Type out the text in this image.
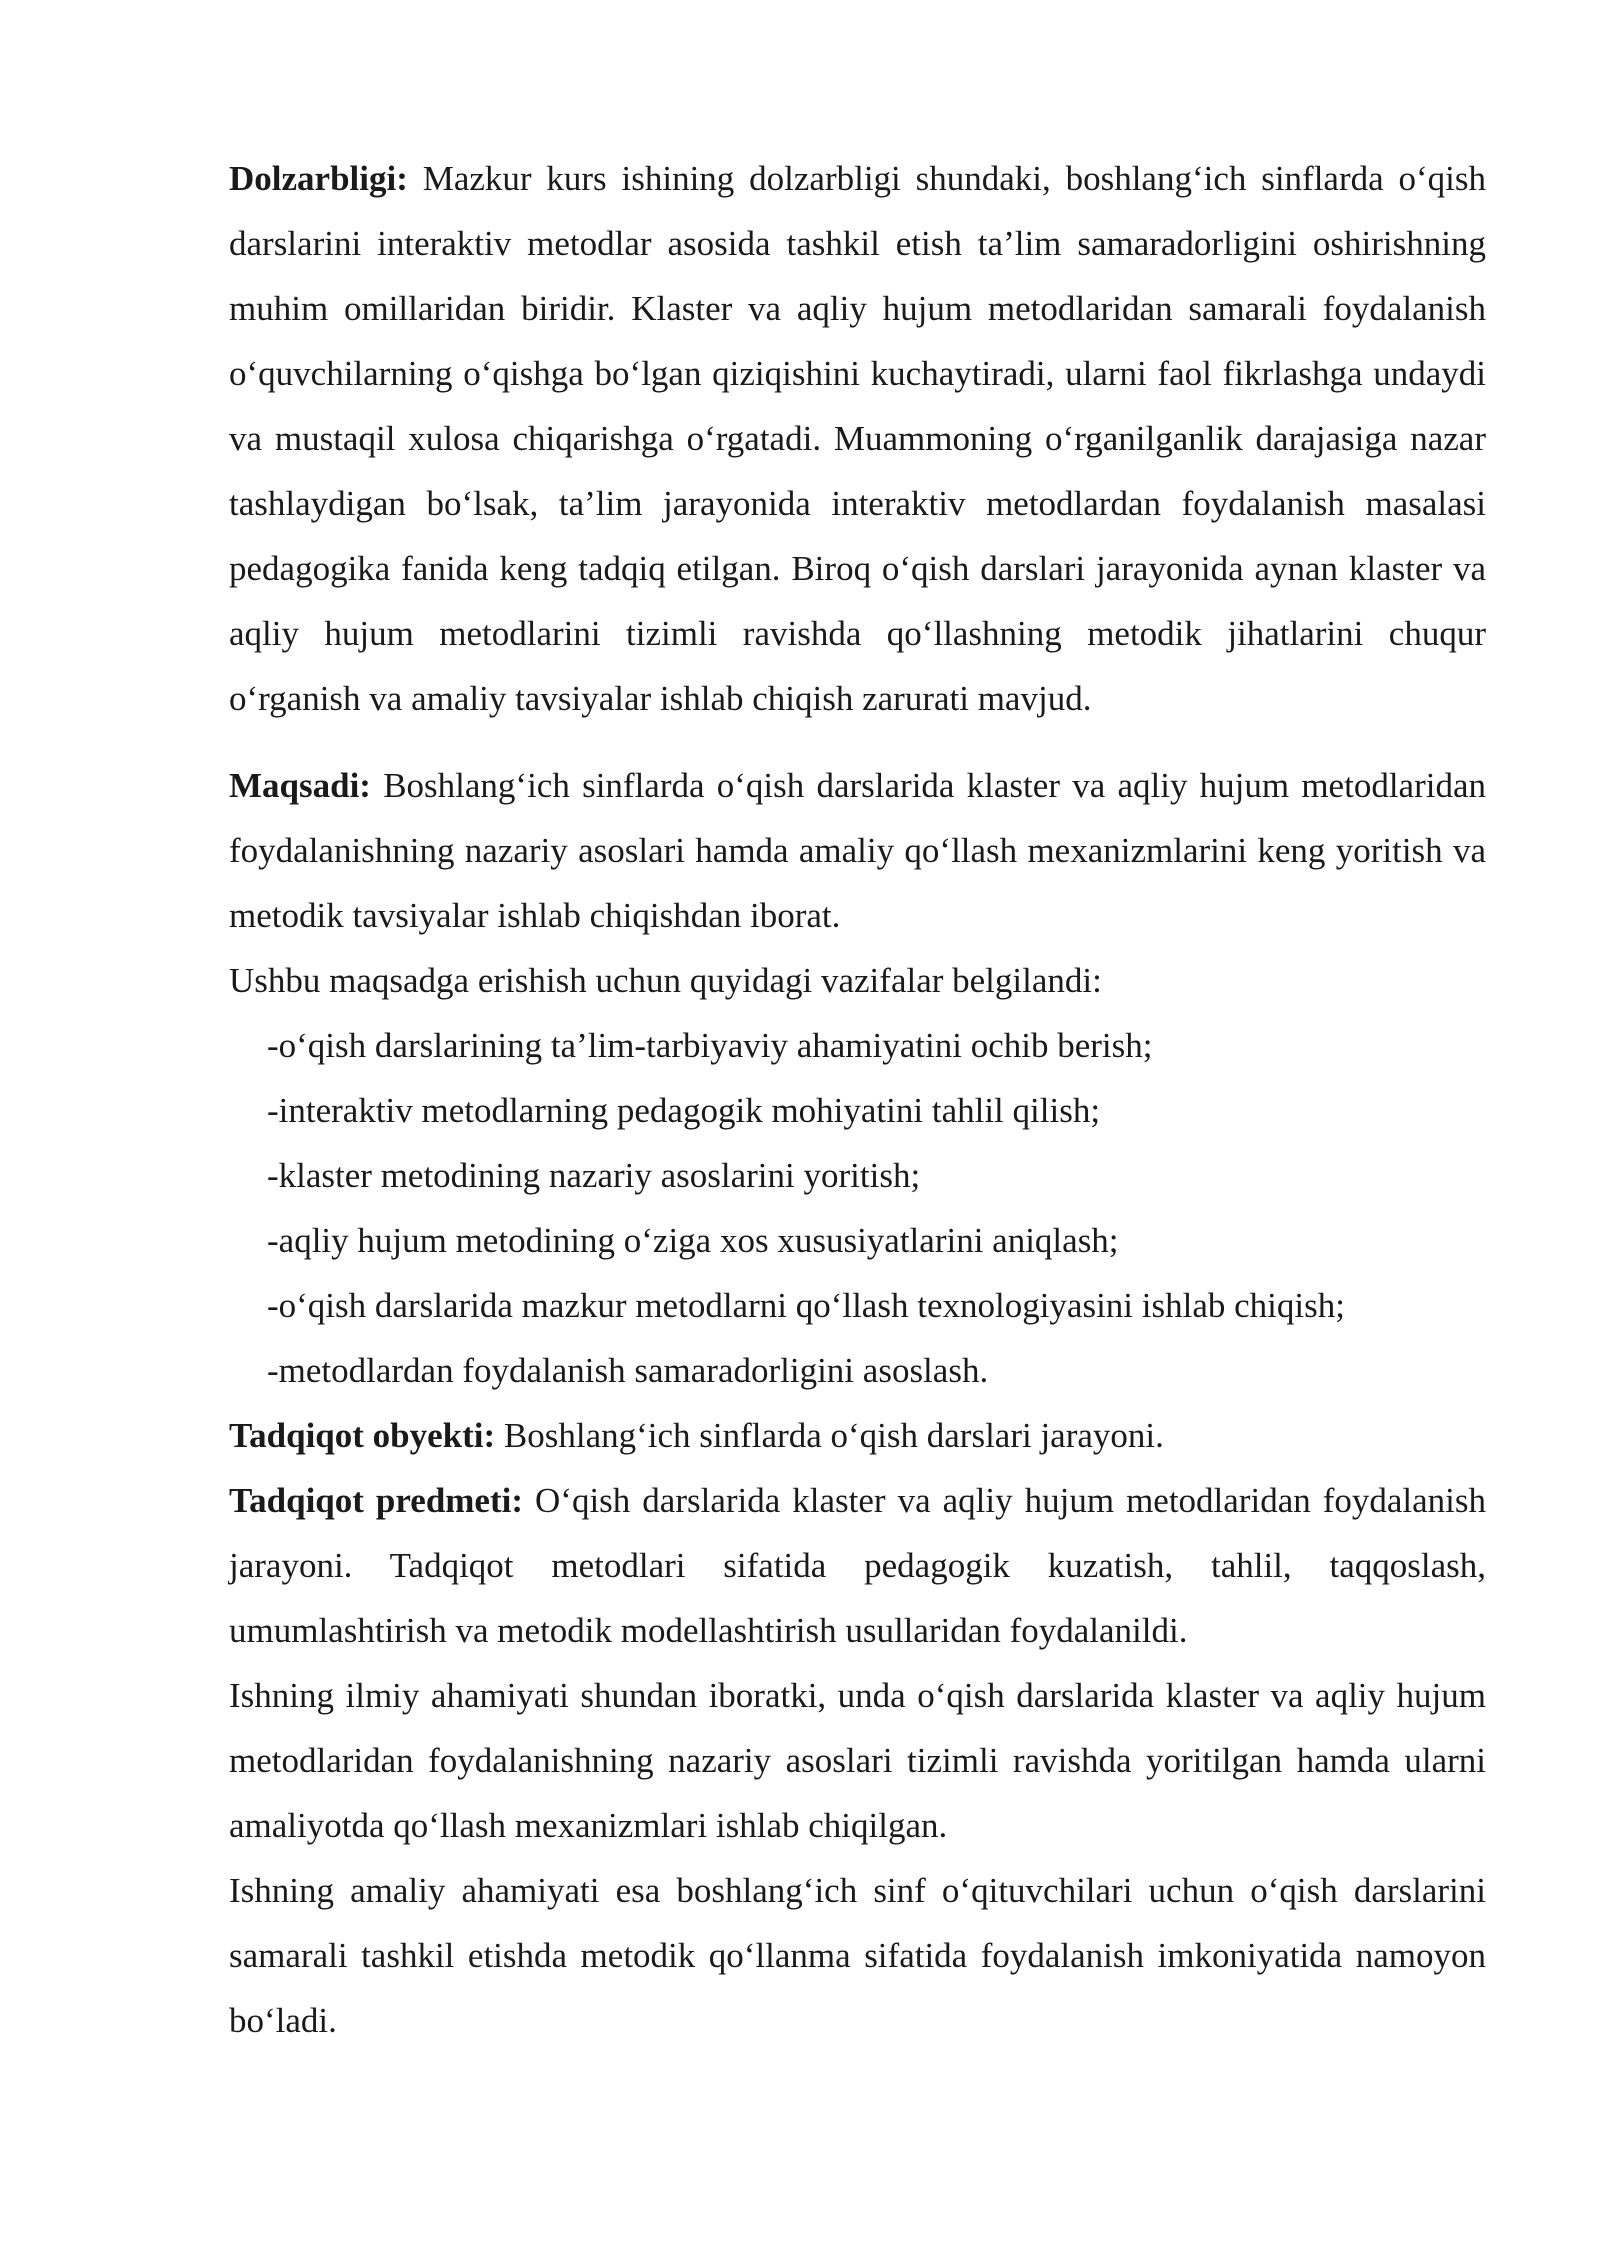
Dolzarbligi: Mazkur kurs ishining dolzarbligi shundaki, boshlang‘ich sinflarda o‘qish darslarini interaktiv metodlar asosida tashkil etish ta’lim samaradorligini oshirishning muhim omillaridan biridir. Klaster va aqliy hujum metodlaridan samarali foydalanish o‘quvchilarning o‘qishga bo‘lgan qiziqishini kuchaytiradi, ularni faol fikrlashga undaydi va mustaqil xulosa chiqarishga o‘rgatadi. Muammoning o‘rganilganlik darajasiga nazar tashlaydigan bo‘lsak, ta’lim jarayonida interaktiv metodlardan foydalanish masalasi pedagogika fanida keng tadqiq etilgan. Biroq o‘qish darslari jarayonida aynan klaster va aqliy hujum metodlarini tizimli ravishda qo‘llashning metodik jihatlarini chuqur o‘rganish va amaliy tavsiyalar ishlab chiqish zarurati mavjud.

Maqsadi: Boshlang‘ich sinflarda o‘qish darslarida klaster va aqliy hujum metodlaridan foydalanishning nazariy asoslari hamda amaliy qo‘llash mexanizmlarini keng yoritish va metodik tavsiyalar ishlab chiqishdan iborat.

Ushbu maqsadga erishish uchun quyidagi vazifalar belgilandi:

-o‘qish darslarining ta’lim-tarbiyaviy ahamiyatini ochib berish;
-interaktiv metodlarning pedagogik mohiyatini tahlil qilish;
-klaster metodining nazariy asoslarini yoritish;
-aqliy hujum metodining o‘ziga xos xususiyatlarini aniqlash;
-o‘qish darslarida mazkur metodlarni qo‘llash texnologiyasini ishlab chiqish;
-metodlardan foydalanish samaradorligini asoslash.

Tadqiqot obyekti: Boshlang‘ich sinflarda o‘qish darslari jarayoni.

Tadqiqot predmeti: O‘qish darslarida klaster va aqliy hujum metodlaridan foydalanish jarayoni. Tadqiqot metodlari sifatida pedagogik kuzatish, tahlil, taqqoslash, umumlashtirish va metodik modellashtirish usullaridan foydalanildi.

Ishning ilmiy ahamiyati shundan iboratki, unda o‘qish darslarida klaster va aqliy hujum metodlaridan foydalanishning nazariy asoslari tizimli ravishda yoritilgan hamda ularni amaliyotda qo‘llash mexanizmlari ishlab chiqilgan.

Ishning amaliy ahamiyati esa boshlang‘ich sinf o‘qituvchilari uchun o‘qish darslarini samarali tashkil etishda metodik qo‘llanma sifatida foydalanish imkoniyatida namoyon bo‘ladi.
